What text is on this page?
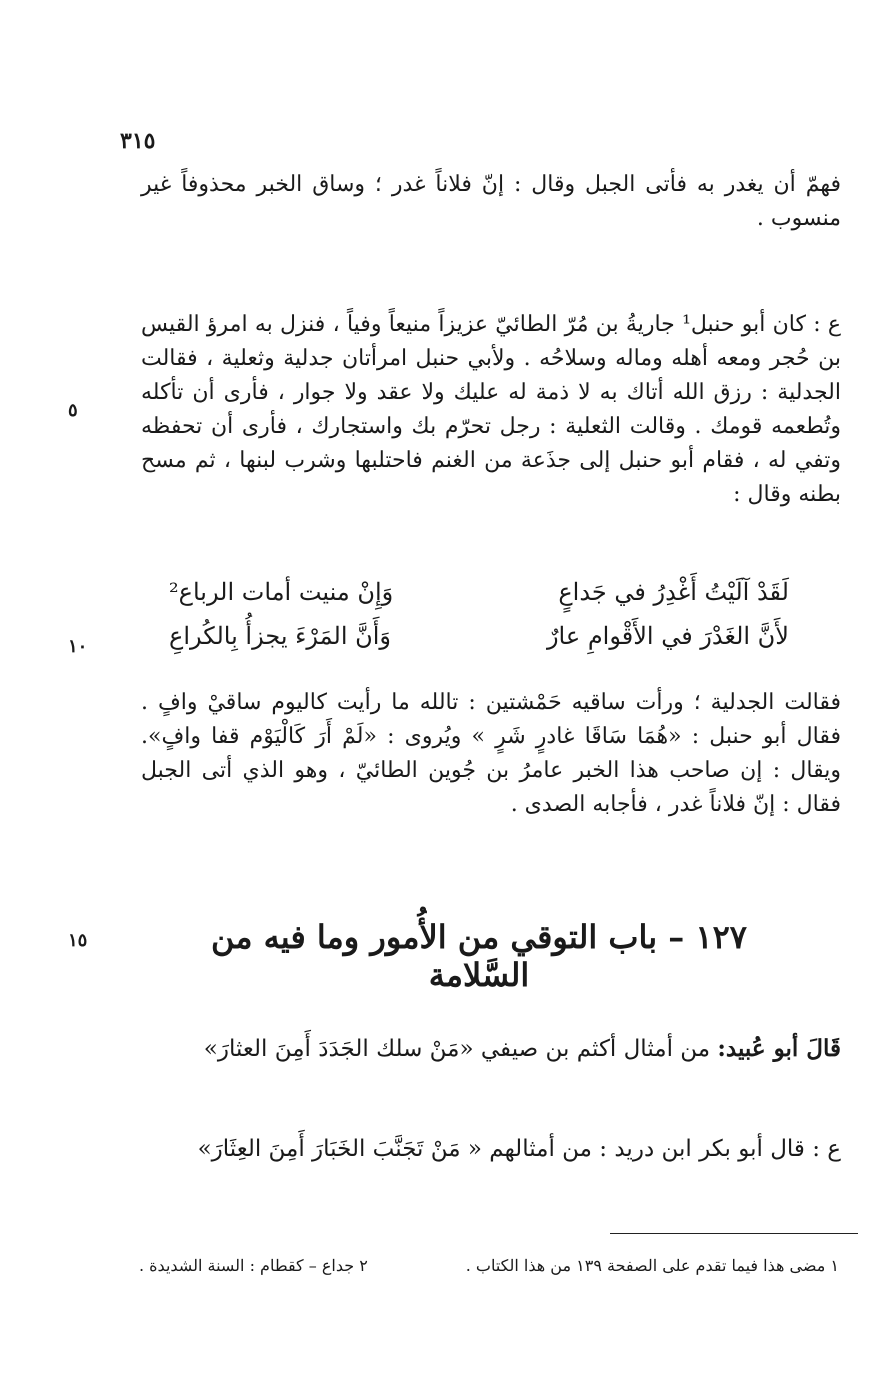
٣١٥
فهمّ أن يغدر به فأتى الجبل وقال : إنّ فلاناً غدر ؛ وساق الخبر محذوفاً غير منسوب .
ع : كان أبو حنبل¹ جاريةُ بن مُرّ الطائيّ عزيزاً منيعاً وفياً ، فنزل به امرؤ القيس بن حُجر ومعه أهله وماله وسلاحُه . ولأبي حنبل امرأتان جدلية وثعلية ، فقالت الجدلية : رزق الله أتاك به لا ذمة له عليك ولا عقد ولا جوار ، فأرى أن تأكله وتُطعمه قومك . وقالت الثعلية : رجل تحرّم بك واستجارك ، فأرى أن تحفظه وتفي له ، فقام أبو حنبل إلى جذَعة من الغنم فاحتلبها وشرب لبنها ، ثم مسح بطنه وقال :
٥
لَقَدْ آلَيْتُ أَغْدِرُ في جَداعٍ
وَإِنْ منيت أمات الرباع²
لأَنَّ الغَدْرَ في الأَقْوامِ عارٌ
وَأَنَّ المَرْءَ يجزأُ بِالكُراعِ
١٠
فقالت الجدلية ؛ ورأت ساقيه حَمْشتين : تالله ما رأيت كاليوم ساقيْ وافٍ . فقال أبو حنبل : «هُمَا سَاقَا غادرٍ شَرٍ » ويُروى : «لَمْ أَرَ كَالْيَوْم قفا وافٍ». ويقال : إن صاحب هذا الخبر عامرُ بن جُوين الطائيّ ، وهو الذي أتى الجبل فقال : إنّ فلاناً غدر ، فأجابه الصدى .
١٢٧ – باب التوقي من الأُمور وما فيه من السَّلامة
١٥
قَالَ أبو عُبيد: من أمثال أكثم بن صيفي «مَنْ سلك الجَدَدَ أَمِنَ العثارَ»
ع : قال أبو بكر ابن دريد : من أمثالهم « مَنْ تَجَنَّبَ الخَبَارَ أَمِنَ العِثَارَ»
١ مضى هذا فيما تقدم على الصفحة ١٣٩ من هذا الكتاب .
٢ جداع – كقطام : السنة الشديدة .
